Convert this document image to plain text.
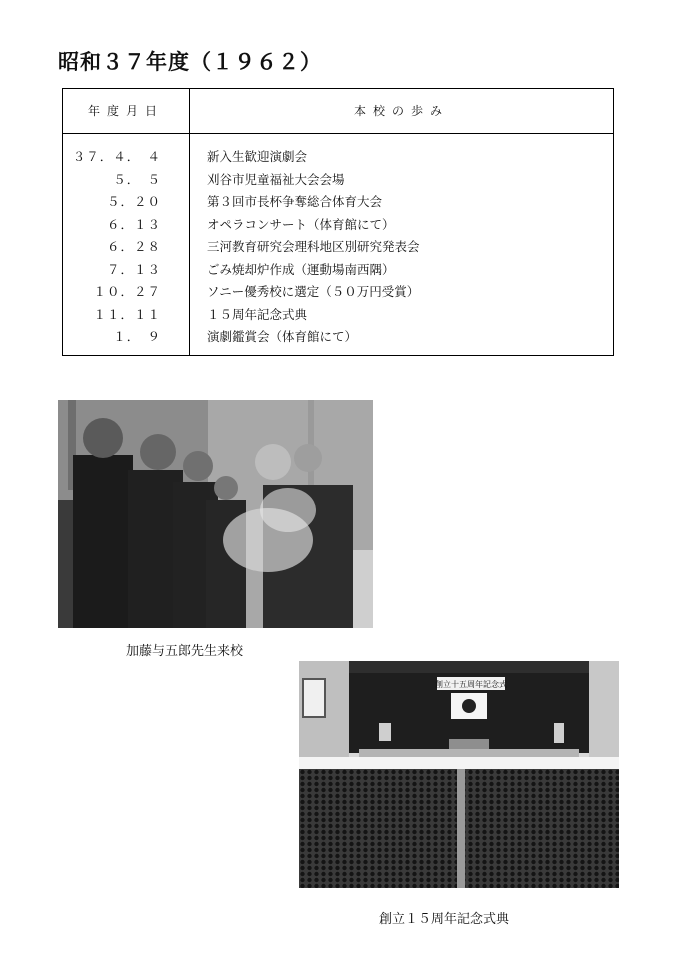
昭和３７年度（１９６２）
年度月日	本校の歩み
３７．４．　４	新入生歓迎演劇会
５．　５	刈谷市児童福祉大会会場
５．２０	第３回市長杯争奪総合体育大会
６．１３	オペラコンサート（体育館にて）
６．２８	三河教育研究会理科地区別研究発表会
７．１３	ごみ焼却炉作成（運動場南西隅）
１０．２７	ソニー優秀校に選定（５０万円受賞）
１１．１１	１５周年記念式典
１．　９	演劇鑑賞会（体育館にて）
加藤与五郎先生来校
創立十五周年記念式
創立１５周年記念式典
